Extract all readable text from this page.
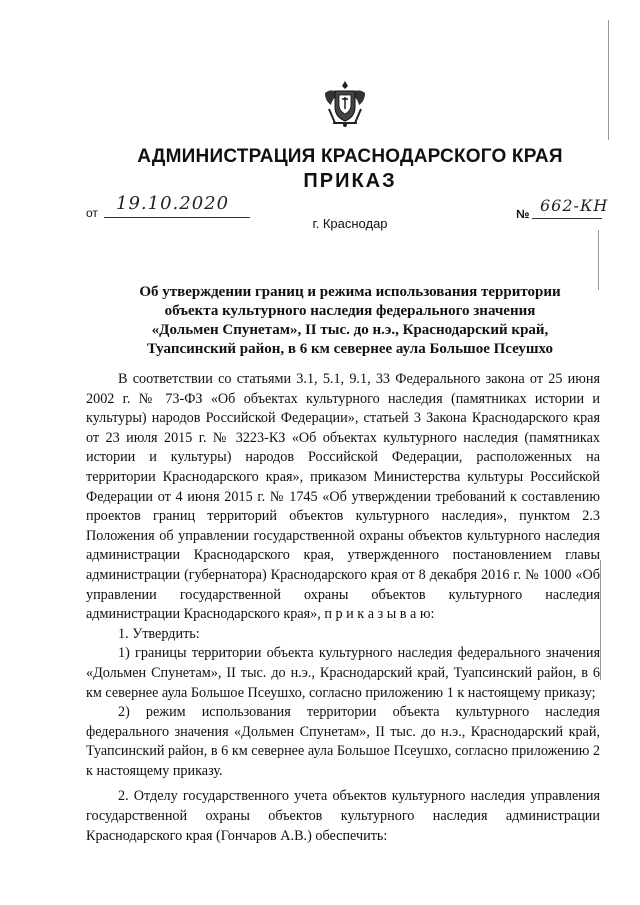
АДМИНИСТРАЦИЯ КРАСНОДАРСКОГО КРАЯ
ПРИКАЗ
от 19.10.2020	№ 662-КН
г. Краснодар
Об утверждении границ и режима использования территории
объекта культурного наследия федерального значения
«Дольмен Спунетам», II тыс. до н.э., Краснодарский край,
Туапсинский район, в 6 км севернее аула Большое Псеушхо

В соответствии со статьями 3.1, 5.1, 9.1, 33 Федерального закона от 25 июня 2002 г. № 73-ФЗ «Об объектах культурного наследия (памятниках истории и культуры) народов Российской Федерации», статьей 3 Закона Краснодарского края от 23 июля 2015 г. № 3223-КЗ «Об объектах культурного наследия (памятниках истории и культуры) народов Российской Федерации, расположенных на территории Краснодарского края», приказом Министерства культуры Российской Федерации от 4 июня 2015 г. № 1745 «Об утверждении требований к составлению проектов границ территорий объектов культурного наследия», пунктом 2.3 Положения об управлении государственной охраны объектов культурного наследия администрации Краснодарского края, утвержденного постановлением главы администрации (губернатора) Краснодарского края от 8 декабря 2016 г. № 1000 «Об управлении государственной охраны объектов культурного наследия администрации Краснодарского края», п р и к а з ы в а ю:

1. Утвердить:

1) границы территории объекта культурного наследия федерального значения «Дольмен Спунетам», II тыс. до н.э., Краснодарский край, Туапсинский район, в 6 км севернее аула Большое Псеушхо, согласно приложению 1 к настоящему приказу;

2) режим использования территории объекта культурного наследия федерального значения «Дольмен Спунетам», II тыс. до н.э., Краснодарский край, Туапсинский район, в 6 км севернее аула Большое Псеушхо, согласно приложению 2 к настоящему приказу.

2. Отделу государственного учета объектов культурного наследия управления государственной охраны объектов культурного наследия администрации Краснодарского края (Гончаров А.В.) обеспечить:
